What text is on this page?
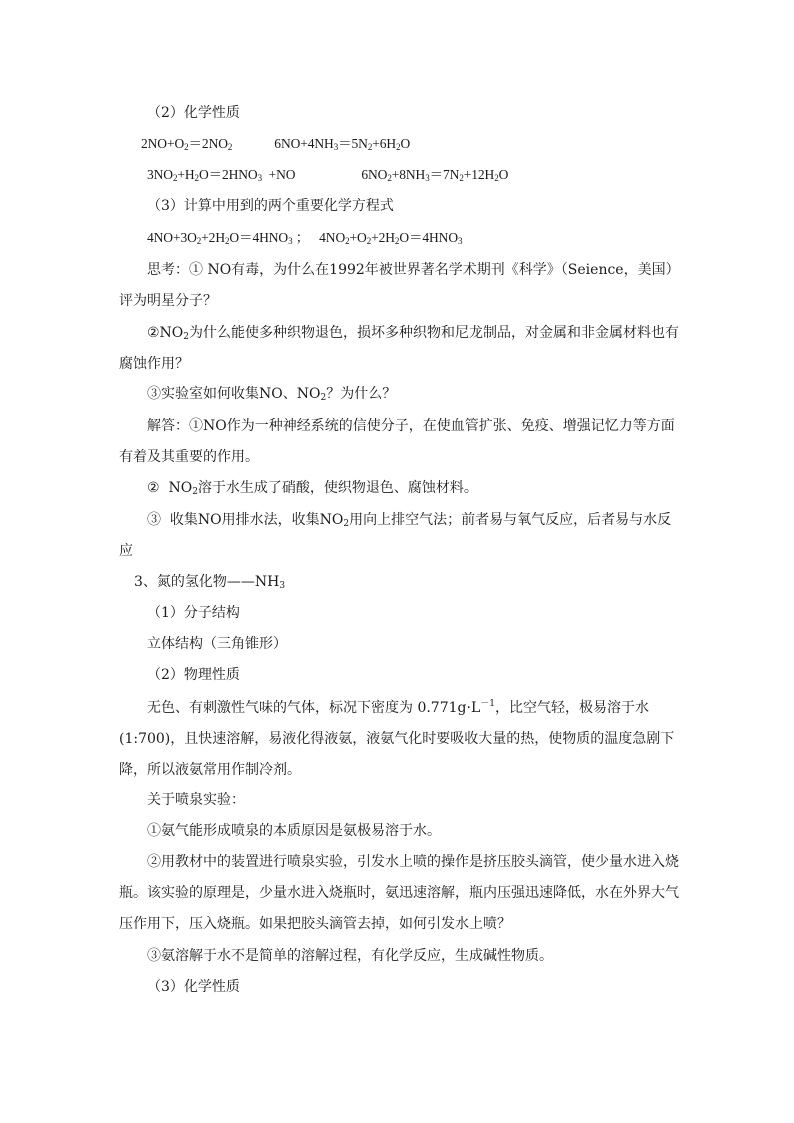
（2）化学性质
$2NO+O_2=2NO_2$	$6NO+4NH_3=5N_2+6H_2O$
$3NO_2+H_2O=2HNO_3 +NO$	$6NO_2+8NH_3=7N_2+12H_2O$
（3）计算中用到的两个重要化学方程式
$4NO+3O_2+2H_2O=4HNO_3$ ； $4NO_2+O_2+2H_2O=4HNO_3$
思考：① NO有毒，为什么在1992年被世界著名学术期刊《科学》（Seience，美国）评为明星分子？
$②NO_2$为什么能使多种织物退色，损坏多种织物和尼龙制品，对金属和非金属材料也有腐蚀作用？
③实验室如何收集NO、$NO_2$？为什么？
解答：①NO作为一种神经系统的信使分子，在使血管扩张、免疫、增强记忆力等方面有着及其重要的作用。
②  $NO_2$溶于水生成了硝酸，使织物退色、腐蚀材料。
③  收集NO用排水法，收集$NO_2$用向上排空气法；前者易与氧气反应，后者易与水反应
3、氮的氢化物$——NH_3$
（1）分子结构
立体结构（三角锥形）
（2）物理性质
无色、有刺激性气味的气体，标况下密度为 $0.771g\cdot L^{-1}$，比空气轻，极易溶于水(1:700)，且快速溶解，易液化得液氨，液氨气化时要吸收大量的热，使物质的温度急剧下降，所以液氨常用作制冷剂。
关于喷泉实验：
①氨气能形成喷泉的本质原因是氨极易溶于水。
②用教材中的装置进行喷泉实验，引发水上喷的操作是挤压胶头滴管，使少量水进入烧瓶。该实验的原理是，少量水进入烧瓶时，氨迅速溶解，瓶内压强迅速降低，水在外界大气压作用下，压入烧瓶。如果把胶头滴管去掉，如何引发水上喷？
③氨溶解于水不是简单的溶解过程，有化学反应，生成碱性物质。
（3）化学性质
